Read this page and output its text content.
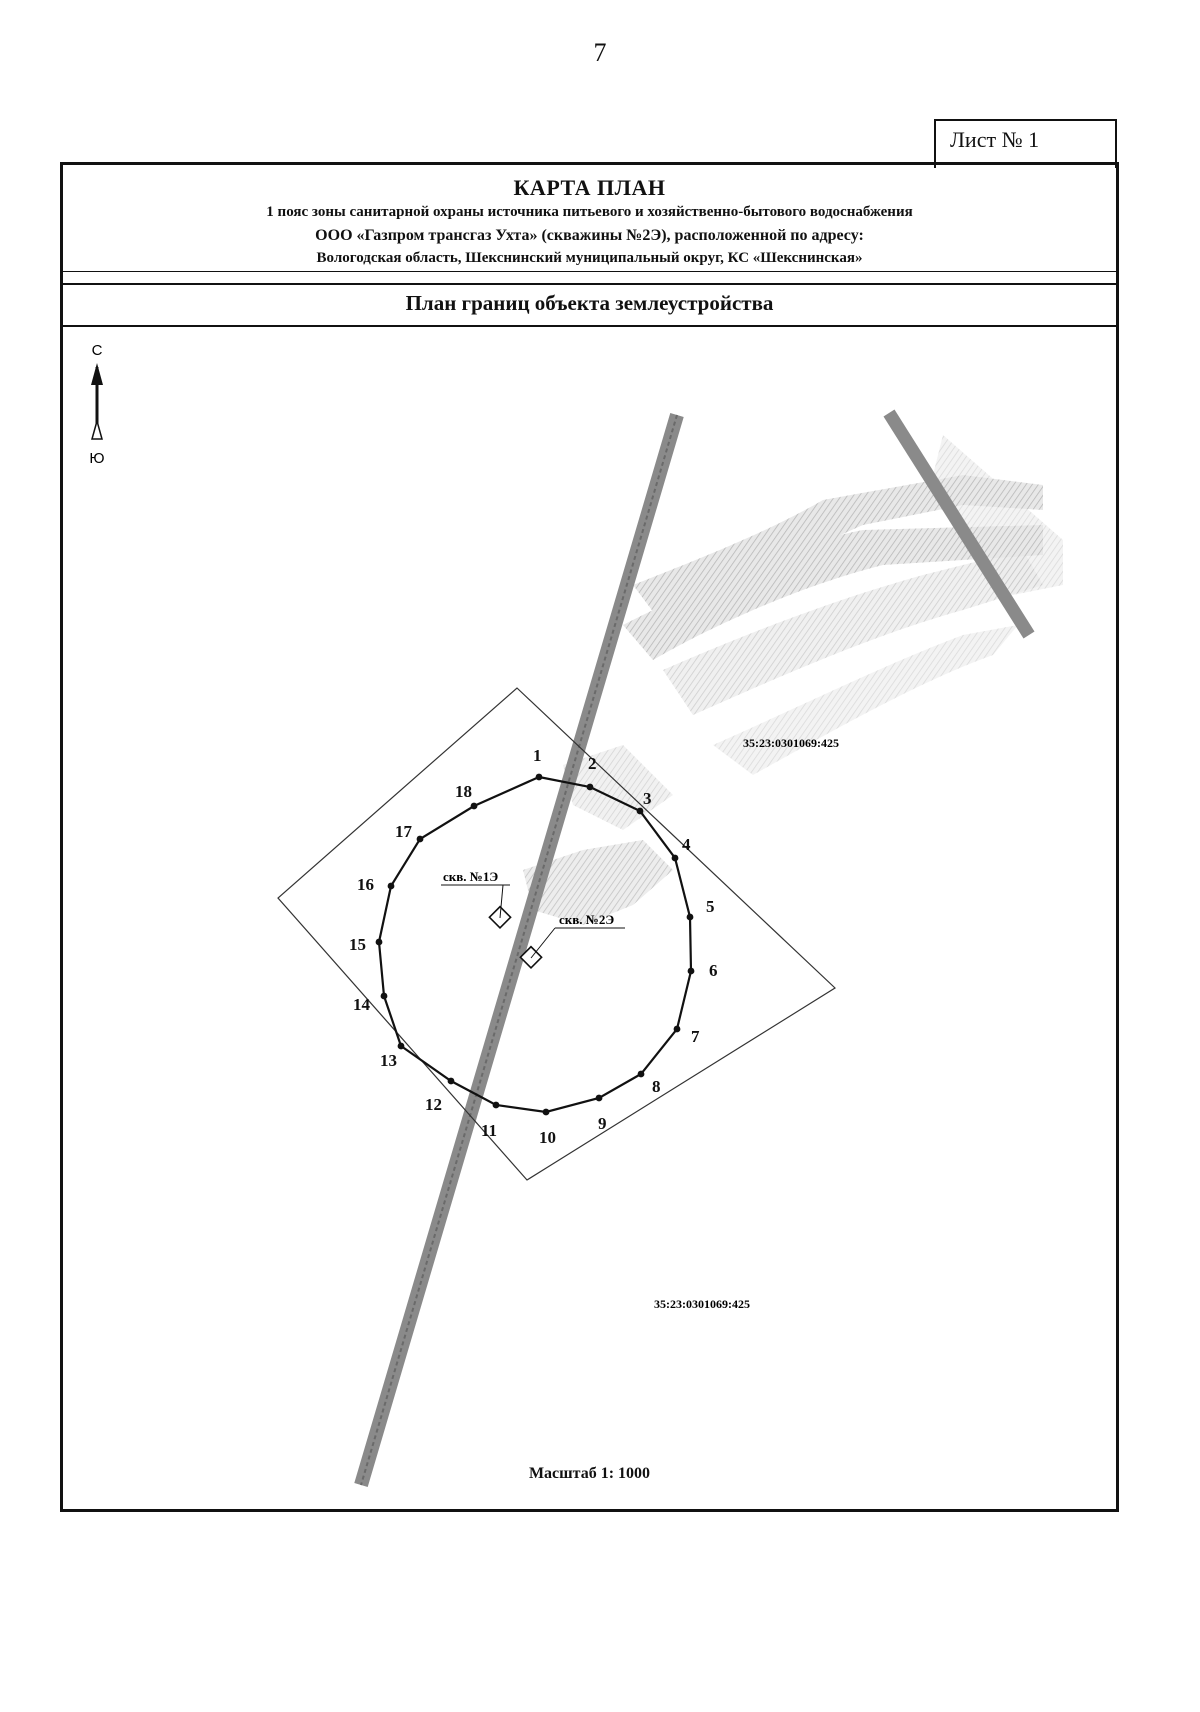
7
Лист № 1
КАРТА ПЛАН
1 пояс зоны санитарной охраны источника питьевого и хозяйственно-бытового водоснабжения
ООО «Газпром трансгаз Ухта» (скважины №2Э), расположенной по адресу:
Вологодская область, Шекснинский муниципальный округ, КС «Шекснинская»
План границ объекта землеустройства
С
Ю
1	2
3
4
5
6
7
8
9
10
11
12
13
14
15
16
17
18
скв. №1Э
скв. №2Э
35:23:0301069:425
35:23:0301069:425
Масштаб 1: 1000
